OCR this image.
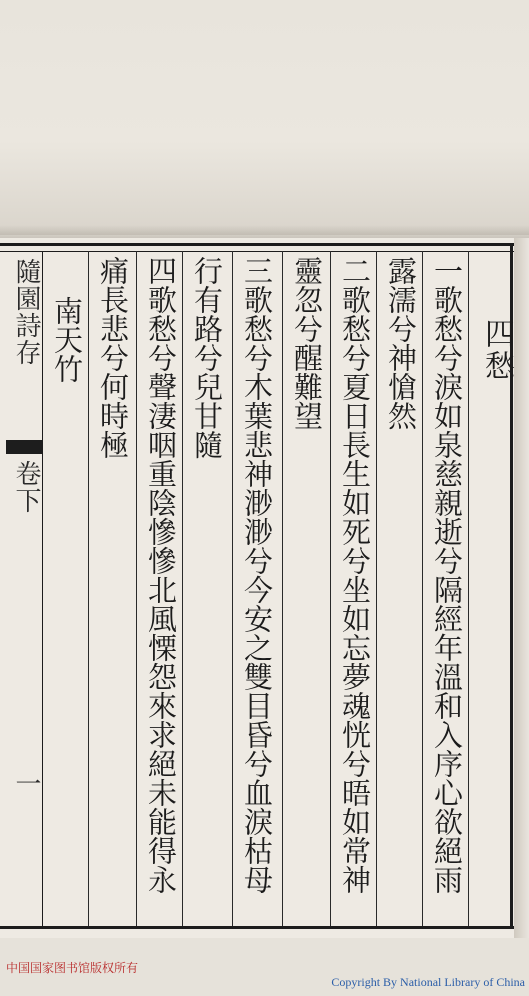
隨園詩存
卷下
一
四愁
一歌愁兮淚如泉慈親逝兮隔經年溫和入序心欲絕雨
露濡兮神愴然
二歌愁兮夏日長生如死兮坐如忘夢魂恍兮晤如常神
靈忽兮醒難望
三歌愁兮木葉悲神渺渺兮今安之雙目昏兮血淚枯母
行有路兮兒甘隨
四歌愁兮聲淒咽重陰慘慘北風慄怨來求絕未能得永
痛長悲兮何時極
南天竹
中国国家图书馆版权所有
Copyright By National Library of China
